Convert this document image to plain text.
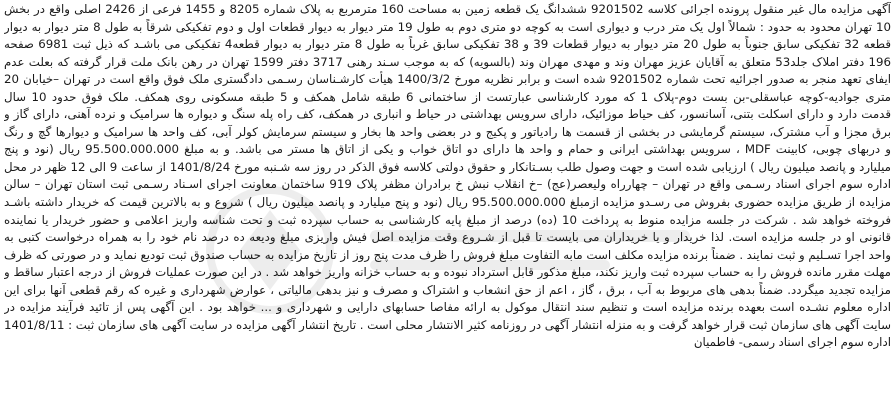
آگهی مزایده مال غیر منقول پرونده اجرائی کلاسه 9201502 ششدانگ یک قطعه زمین به مساحت 160 مترمربع به پلاک شماره 8205 و 1455 فرعی از 2426 اصلی واقع در بخش
10 تهران محدود به حدود : شمالاً اول یک متر درب و دیواری است به کوچه دو متری دوم به طول 19 متر دیوار به دیوار قطعات اول و دوم تفکیکی شرقاً به طول 8 متر دیوار به دیوار
قطعه 32 تفکیکی سابق جنوباً به طول 20 متر دیوار به دیوار قطعات 39 و 38 تفکیکی سابق غرباً به طول 8 متر دیوار به دیوار قطعه4 تفکیکی می باشـد که ذیل ثبت 6981 صفحه
196 دفتر املاک جلد53 متعلق به آقایان عزیز مهران وند و مهدی مهران وند (بالسویه) که به موجب سـند رهنی 3717 دفتر 1599 تهران در رهن بانک ملت قرار گرفته که بعلت عدم
ایفای تعهد منجر به صدور اجرائیه تحت شماره 9201502 شده است و برابر نظریه مورخ 1400/3/2 هیأت کارشـناسان رسـمی دادگستری ملک فوق واقع است در تهران –خیابان 20
متری جوادیه-کوچه عباسقلی-بن بست دوم-پلاک 1 که مورد کارشناسی عبارتست از ساختمانی 6 طبقه شامل همکف و 5 طبقه مسکونی روی همکف. ملک فوق حدود 10 سال
قدمت دارد و دارای اسکلت بتنی، آسانسور، کف حیاط موزائیک، دارای سرویس بهداشتی در حیاط و انباری در همکف، کف راه پله سنگ و دیواره ها سرامیک و نرده آهنی، دارای گاز و
برق مجزا و آب مشترک، سیستم گرمایشی در بخشی از قسمت ها رادیاتور و پکیج و در بعضی واحد ها بخار و سیستم سرمایش کولر آبی، کف واحد ها سرامیک و دیوارها گچ و رنگ
و دربهای چوبی، کابینت MDF ، سرویس بهداشتی ایرانی و حمام و واحد ها دارای دو اتاق خواب و یکی از اتاق ها مستر می باشد. و به مبلغ 95.500.000.000 ریال (نود و پنج
میلیارد و پانصد میلیون ریال ) ارزیابی شده است و جهت وصول طلب بسـتانکار و حقوق دولتی کلاسه فوق الذکر در روز سه شـنبه مورخ 1401/8/24 از ساعت 9 الی 12 ظهر در محل
اداره سوم اجرای اسناد رسـمی واقع در تهران – چهارراه ولیعصر(عج) –خ انقلاب نبش خ برادران مظفر پلاک 919 ساختمان معاونت اجرای اسـناد رسـمی ثبت استان تهران – سالن
مزایده از طریق مزایده حضوری بفروش می رسـدو مزایده ازمبلغ 95.500.000.000 ریال (نود و پنج میلیارد و پانصد میلیون ریال ) شروع و به بالاترین قیمت که خریدار داشته باشـد
فروخته خواهد شد . شرکت در جلسه مزایده منوط به پرداخت 10 (ده) درصد از مبلغ پایه کارشناسی به حساب سپرده ثبت و تحت شناسه واریز اعلامی و حضور خریدار یا نماینده
قانونی او در جلسه مزایده است. لذا خریدار و یا خریداران می بایست تا قبل از شـروع وقت مزایده اصل فیش واریزی مبلغ ودیعه ده درصد نام خود را به همراه درخواست کتبی به
واحد اجرا تسـلیم و ثبت نمایند . ضمناً برنده مزایده مکلف است مابه التفاوت مبلغ فروش را ظرف مدت پنج روز از تاریخ مزایده به حساب صندوق ثبت تودیع نماید و در صورتی که ظرف
مهلت مقرر مانده فروش را به حساب سپرده ثبت واریز نکند، مبلغ مذکور قابل استرداد نبوده و به حساب خزانه واریز خواهد شد . در این صورت عملیات فروش از درجه اعتبار ساقط و
مزایده تجدید میگردد. ضمناً بدهی های مربوط به آب ، برق ، گاز ، اعم از حق انشعاب و اشتراک و مصرف و نیز بدهی مالیاتی ، عوارض شهرداری و غیره که رقم قطعی آنها برای این
اداره معلوم نشـده است بعهده برنده مزایده است و تنظیم سند انتقال موکول به ارائه مفاصا حسابهای دارایی و شهرداری و ... خواهد بود . این آگهی پس از تائید فرآیند مزایده در
سایت آگهی های سازمان ثبت قرار خواهد گرفت و به منزله انتشار آگهی در روزنامه کثیر الانتشار محلی است . تاریخ انتشار آگهی مزایده در سایت آگهی های سازمان ثبت : 1401/8/11
اداره سوم اجرای اسناد رسمی- فاطمیان
